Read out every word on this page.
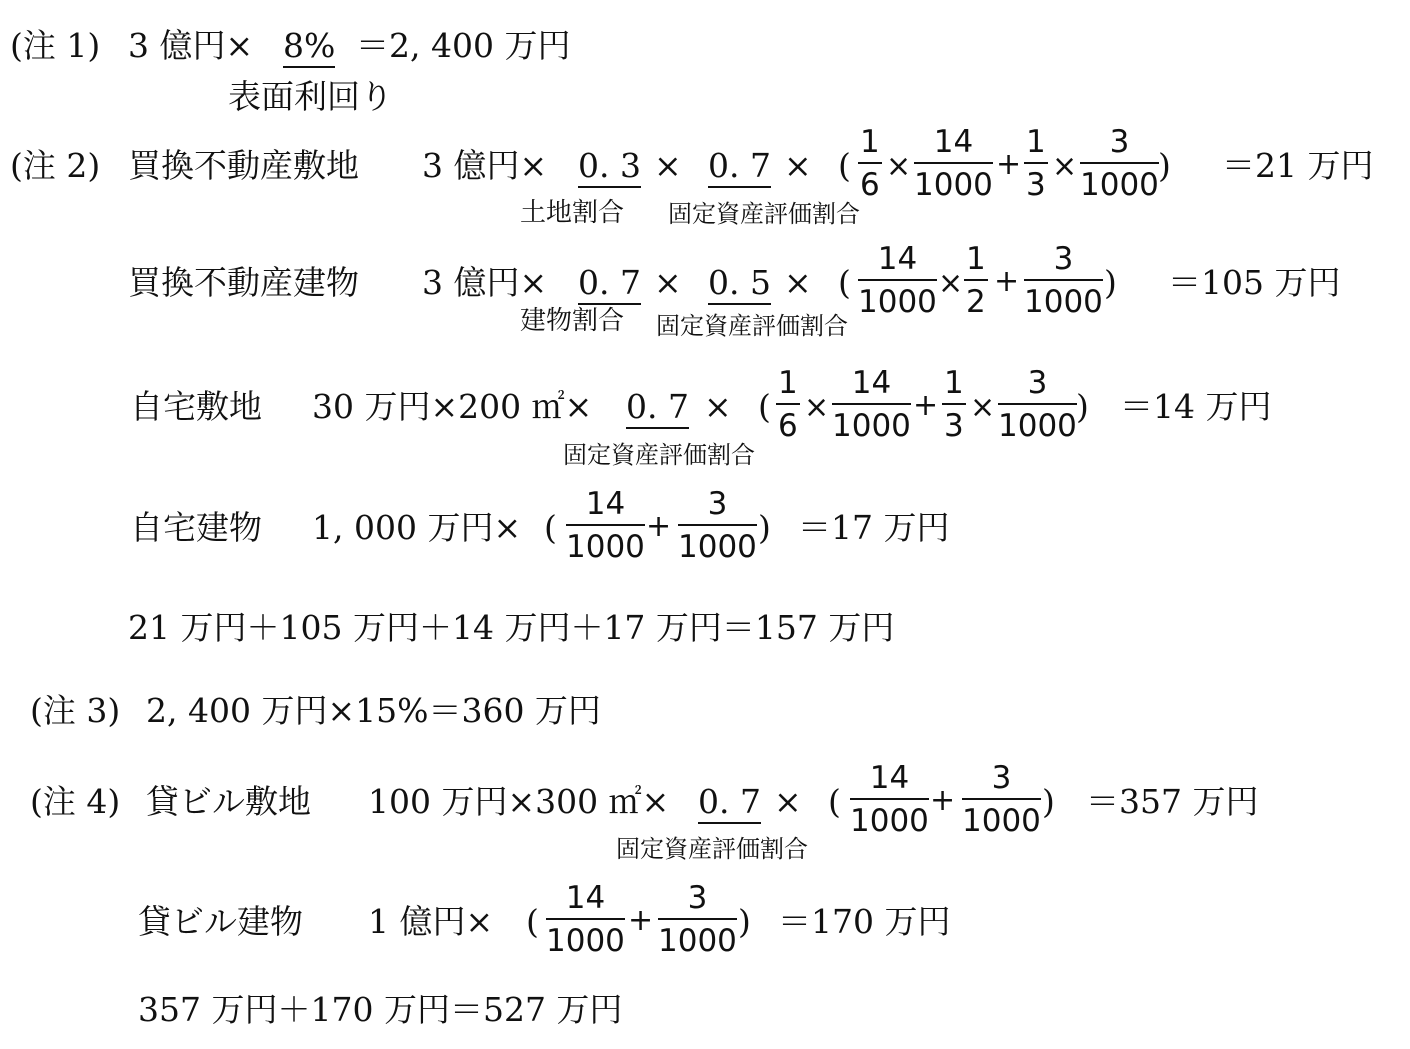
(注 1) 3 億円× 8% ＝2, 400 万円
表面利回り
(注 2) 買換不動産敷地 3 億円× 0. 3
土地割合
× 0. 7
固定資産評価割合
× (
1
6
×
14
1000
+
1
3
×
3
1000 ) ＝21 万円
買換不動産建物 3 億円× 0. 7
建物割合
× 0. 5
固定資産評価割合
× (
14
1000
×
1
2
+
3
1000 ) ＝105 万円
自宅敷地 30 万円×200 ㎡× 0. 7
固定資産評価割合
× (
1
6
×
14
1000
+
1
3
×
3
1000 ) ＝14 万円
自宅建物 1, 000 万円× (
14
1000
+
3
1000 ) ＝17 万円
21 万円＋105 万円＋14 万円＋17 万円＝157 万円
(注 3) 2, 400 万円×15%＝360 万円
(注 4) 貸ビル敷地 100 万円×300 ㎡× 0. 7
固定資産評価割合
× (
14
1000
+
3
1000 ) ＝357 万円
貸ビル建物 1 億円× (
14
1000
+
3
1000 ) ＝170 万円
357 万円＋170 万円＝527 万円
